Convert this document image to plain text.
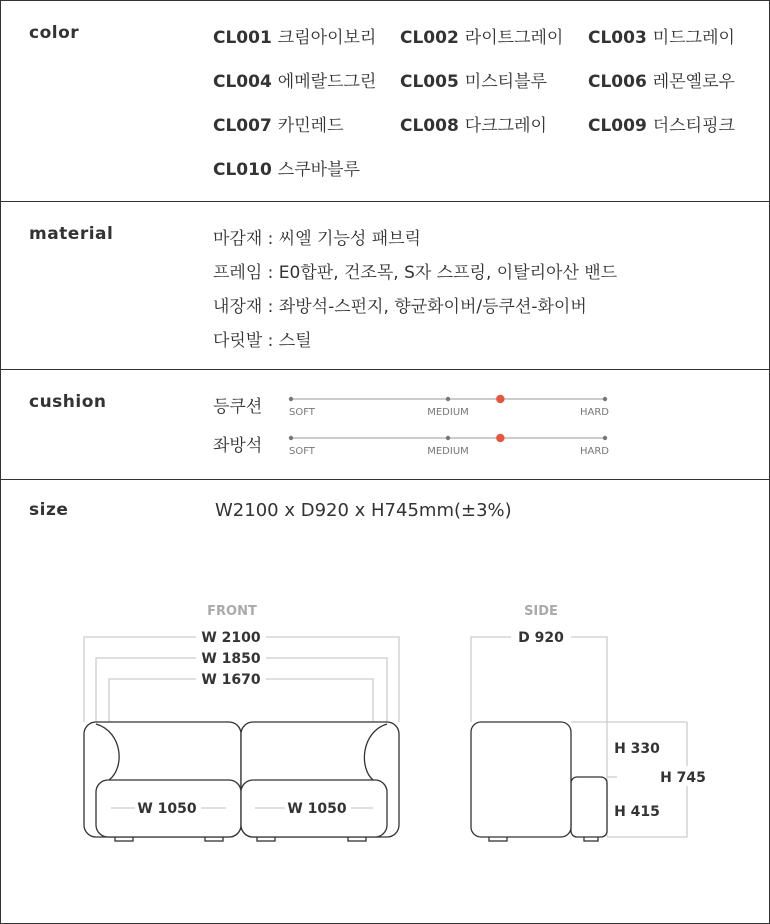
color	CL001 크림아이보리 CL002 라이트그레이 CL003 미드그레이
CL004 에메랄드그린 CL005 미스티블루 CL006 레몬옐로우
CL007 카민레드	CL008 다크그레이 CL009 더스티핑크
CL010 스쿠바블루
material	마감재 : 씨엘 기능성 패브릭
프레임 : E0합판, 건조목, S자 스프링, 이탈리아산 밴드
내장재 : 좌방석-스펀지, 향균화이버/등쿠션-화이버
다릿발 : 스틸
cushion	등쿠션
좌방석
SOFT	MEDIUM	HARD
SOFT	MEDIUM	HARD
size	W2100 x D920 x H745mm(±3%)
FRONT	SIDE
W 2100
W 1850
W 1670
D 920
H 330
H 745
H 415
W 1050	W 1050
